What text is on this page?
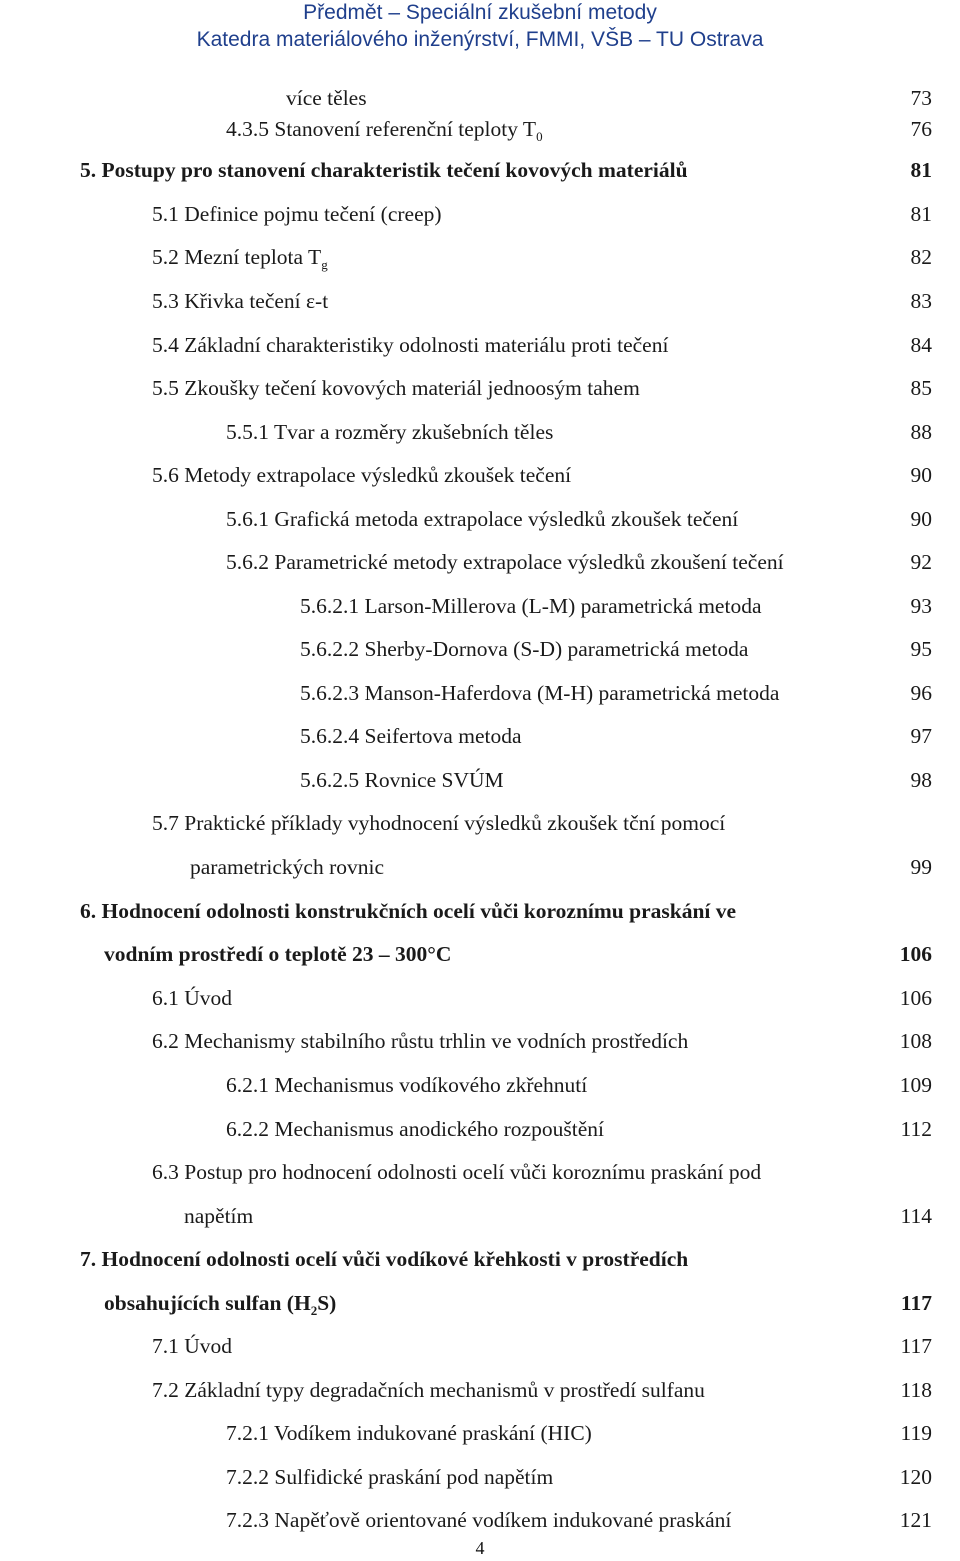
Předmět – Speciální zkušební metody
Katedra materiálového inženýrství, FMMI, VŠB – TU Ostrava
více těles	73
4.3.5 Stanovení referenční teploty $T_0$	76
5. Postupy pro stanovení charakteristik tečení kovových materiálů	81
5.1 Definice pojmu tečení (creep)	81
5.2 Mezní teplota $T_g$	82
5.3 Křivka tečení ε-t	83
5.4 Základní charakteristiky odolnosti materiálu proti tečení	84
5.5 Zkoušky tečení kovových materiál jednoosým tahem	85
5.5.1 Tvar a rozměry zkušebních těles	88
5.6 Metody extrapolace výsledků zkoušek tečení	90
5.6.1 Grafická metoda extrapolace výsledků zkoušek tečení	90
5.6.2 Parametrické metody extrapolace výsledků zkoušení tečení	92
5.6.2.1 Larson-Millerova (L-M) parametrická metoda	93
5.6.2.2 Sherby-Dornova (S-D) parametrická metoda	95
5.6.2.3 Manson-Haferdova (M-H) parametrická metoda	96
5.6.2.4 Seifertova metoda	97
5.6.2.5 Rovnice SVÚM	98
5.7 Praktické příklady vyhodnocení výsledků zkoušek tční pomocí
parametrických rovnic	99
6. Hodnocení odolnosti konstrukčních ocelí vůči koroznímu praskání ve
vodním prostředí o teplotě 23 – 300°C	106
6.1 Úvod	106
6.2 Mechanismy stabilního růstu trhlin ve vodních prostředích	108
6.2.1 Mechanismus vodíkového zkřehnutí	109
6.2.2 Mechanismus anodického rozpouštění	112
6.3 Postup pro hodnocení odolnosti ocelí vůči koroznímu praskání pod
napětím	114
7. Hodnocení odolnosti ocelí vůči vodíkové křehkosti v prostředích
obsahujících sulfan $(H_2S)$	117
7.1 Úvod	117
7.2 Základní typy degradačních mechanismů v prostředí sulfanu	118
7.2.1 Vodíkem indukované praskání (HIC)	119
7.2.2 Sulfidické praskání pod napětím	120
7.2.3 Napěťově orientované vodíkem indukované praskání	121
4
